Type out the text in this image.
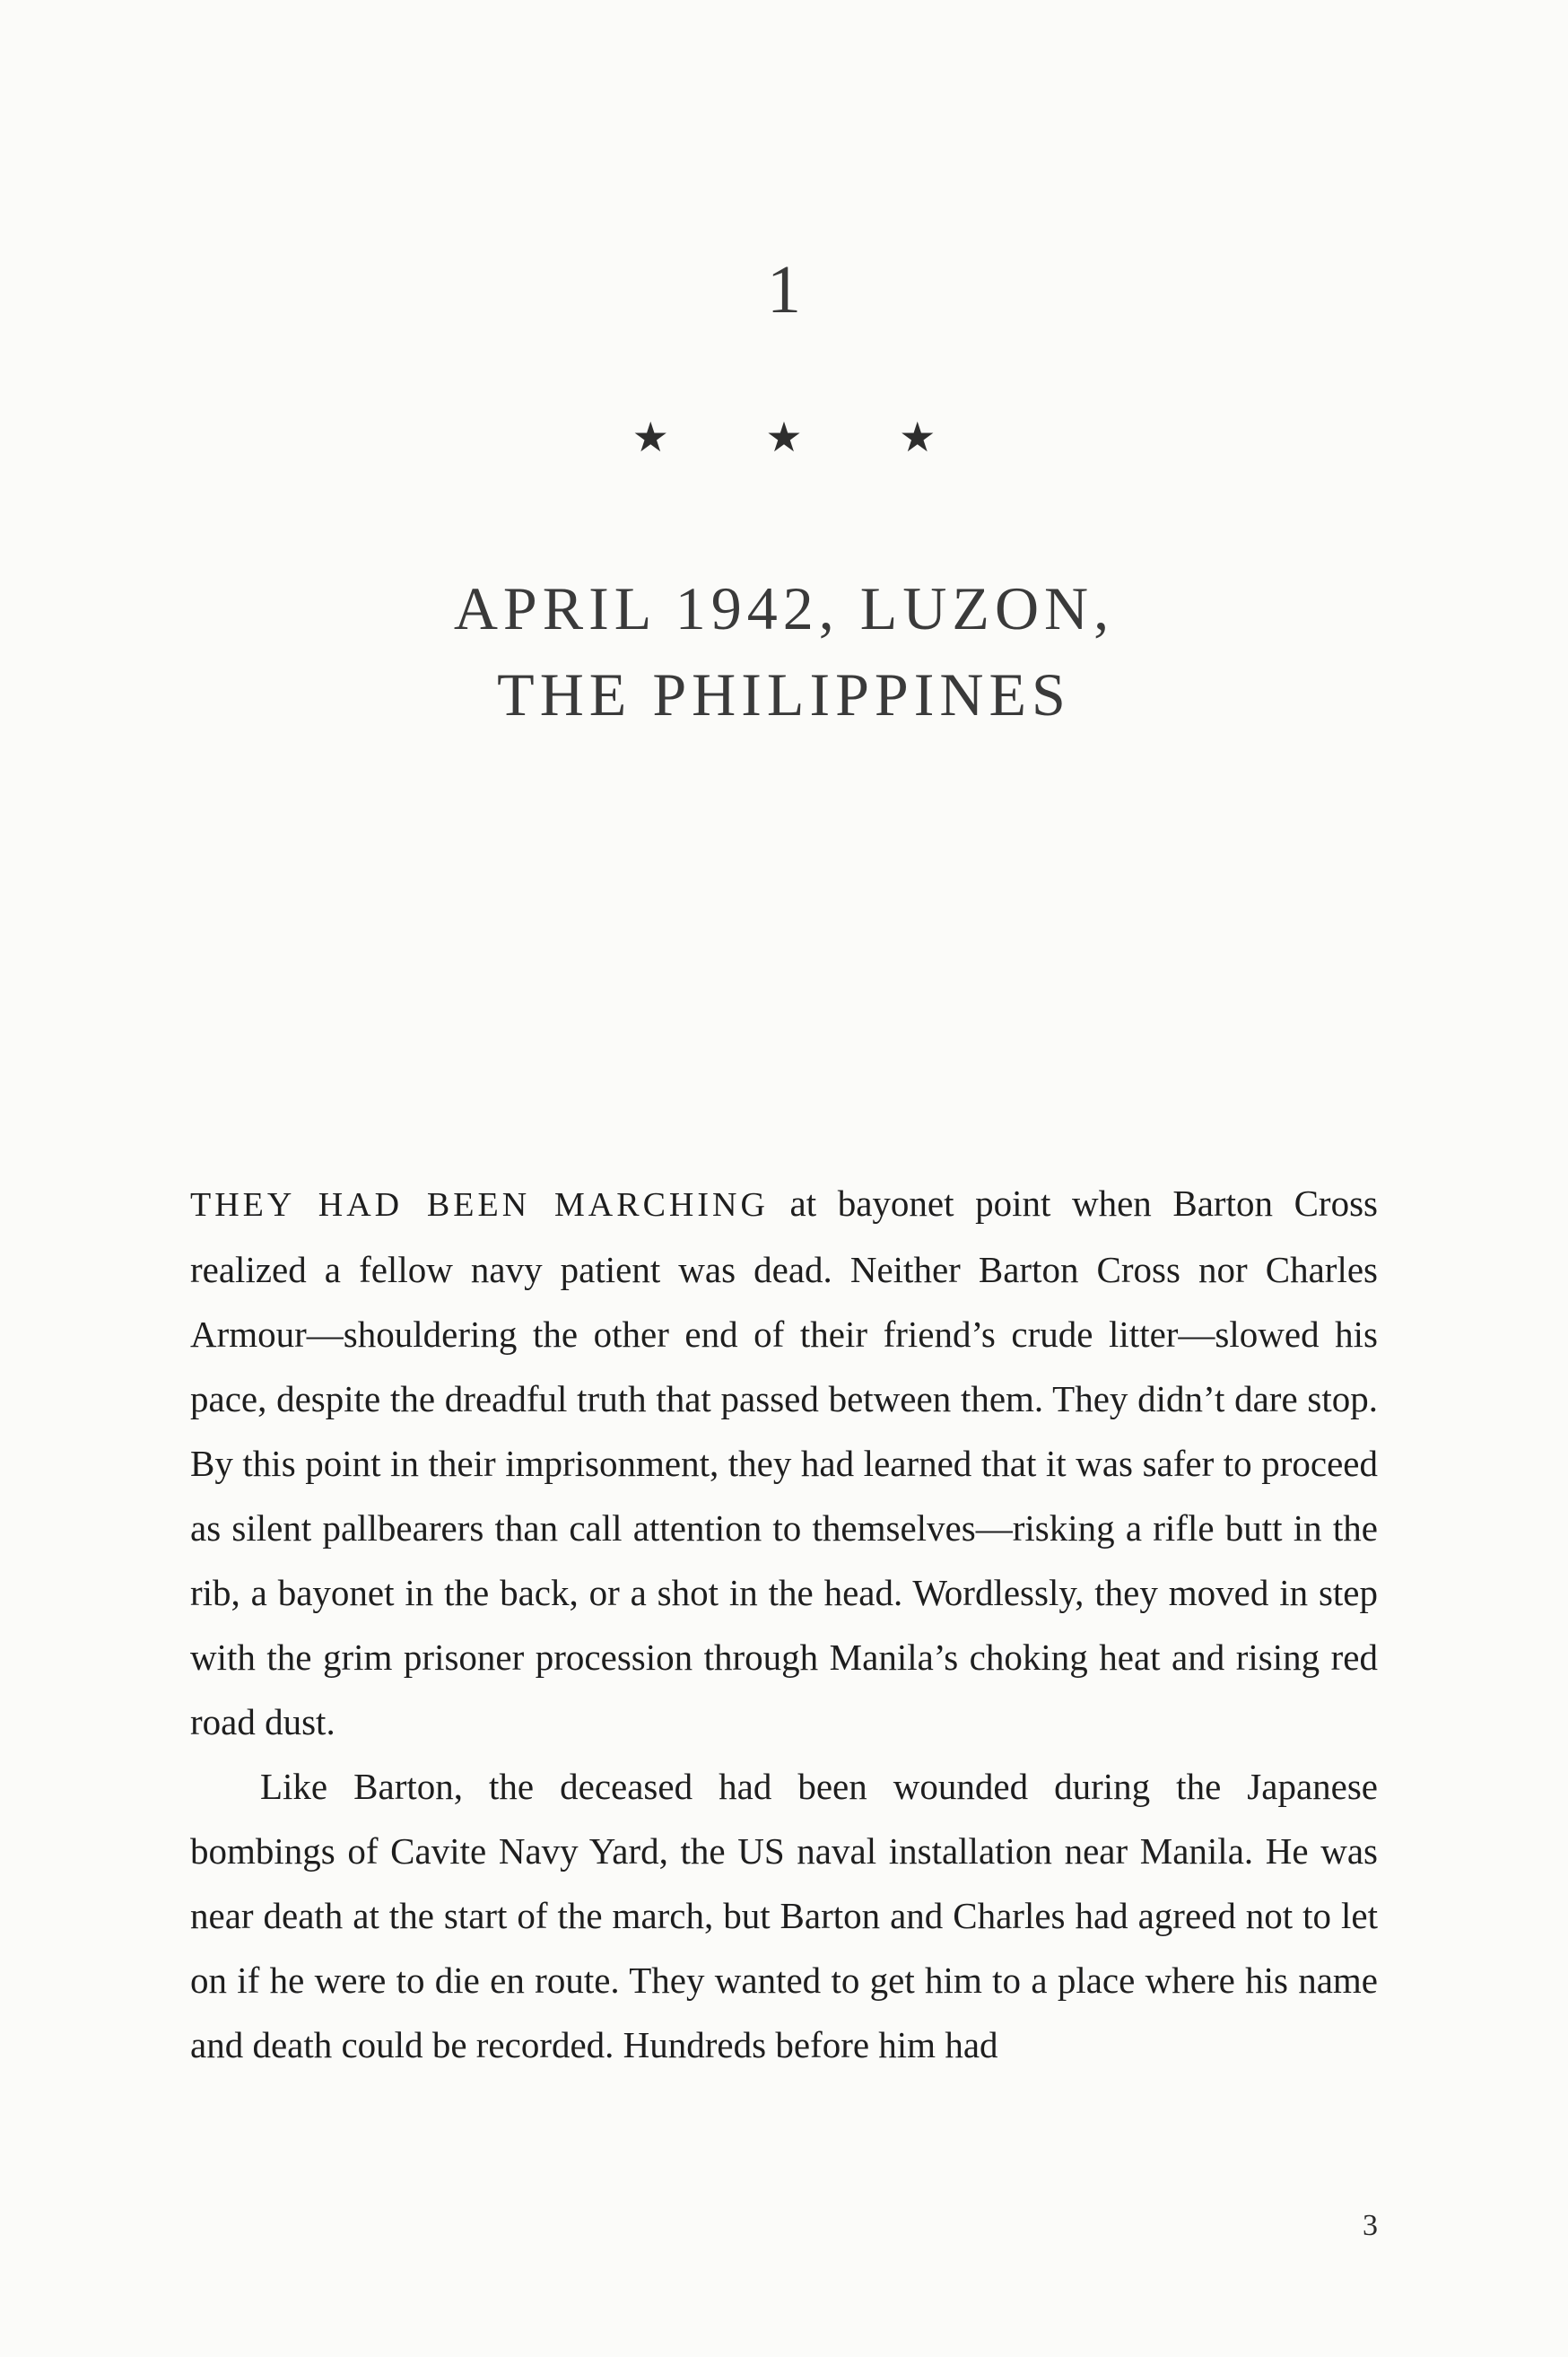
1
★ ★ ★
APRIL 1942, LUZON,
THE PHILIPPINES

THEY HAD BEEN MARCHING at bayonet point when Barton Cross realized a fellow navy patient was dead. Neither Barton Cross nor Charles Armour—shouldering the other end of their friend’s crude litter—slowed his pace, despite the dreadful truth that passed between them. They didn’t dare stop. By this point in their imprisonment, they had learned that it was safer to proceed as silent pallbearers than call attention to themselves—risking a rifle butt in the rib, a bayonet in the back, or a shot in the head. Wordlessly, they moved in step with the grim prisoner procession through Manila’s choking heat and rising red road dust.

Like Barton, the deceased had been wounded during the Japanese bombings of Cavite Navy Yard, the US naval installation near Manila. He was near death at the start of the march, but Barton and Charles had agreed not to let on if he were to die en route. They wanted to get him to a place where his name and death could be recorded. Hundreds before him had

3
